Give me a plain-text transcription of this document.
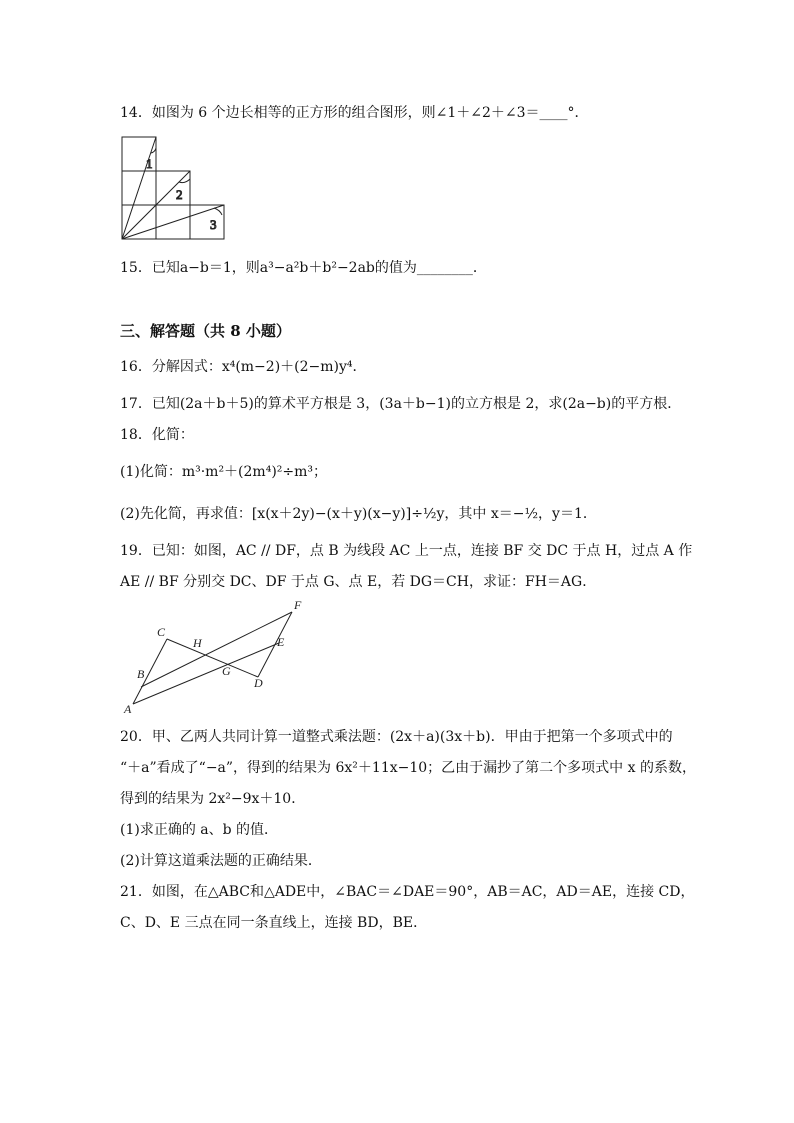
14．如图为 6 个边长相等的正方形的组合图形，则∠1＋∠2＋∠3＝____°．
1
2
3
15．已知a−b＝1，则a³−a²b＋b²−2ab的值为________．
三、解答题（共 8 小题）
16．分解因式：x⁴(m−2)＋(2−m)y⁴．
17．已知(2a＋b＋5)的算术平方根是 3，(3a＋b−1)的立方根是 2，求(2a−b)的平方根．
18．化简：
(1)化简：m³·m²＋(2m⁴)²÷m³；
(2)先化简，再求值：[x(x＋2y)−(x＋y)(x−y)]÷½y，其中 x＝−½，y＝1．
19．已知：如图，AC // DF，点 B 为线段 AC 上一点，连接 BF 交 DC 于点 H，过点 A 作
AE // BF 分别交 DC、DF 于点 G、点 E，若 DG＝CH，求证：FH＝AG．
F
C
H	E
B	G
D
A
20．甲、乙两人共同计算一道整式乘法题：(2x＋a)(3x＋b)．甲由于把第一个多项式中的
“＋a”看成了“−a”，得到的结果为 6x²＋11x−10；乙由于漏抄了第二个多项式中 x 的系数，
得到的结果为 2x²−9x＋10．
(1)求正确的 a、b 的值．
(2)计算这道乘法题的正确结果．
21．如图，在△ABC和△ADE中，∠BAC＝∠DAE＝90°，AB＝AC，AD＝AE，连接 CD，
C、D、E 三点在同一条直线上，连接 BD，BE．
